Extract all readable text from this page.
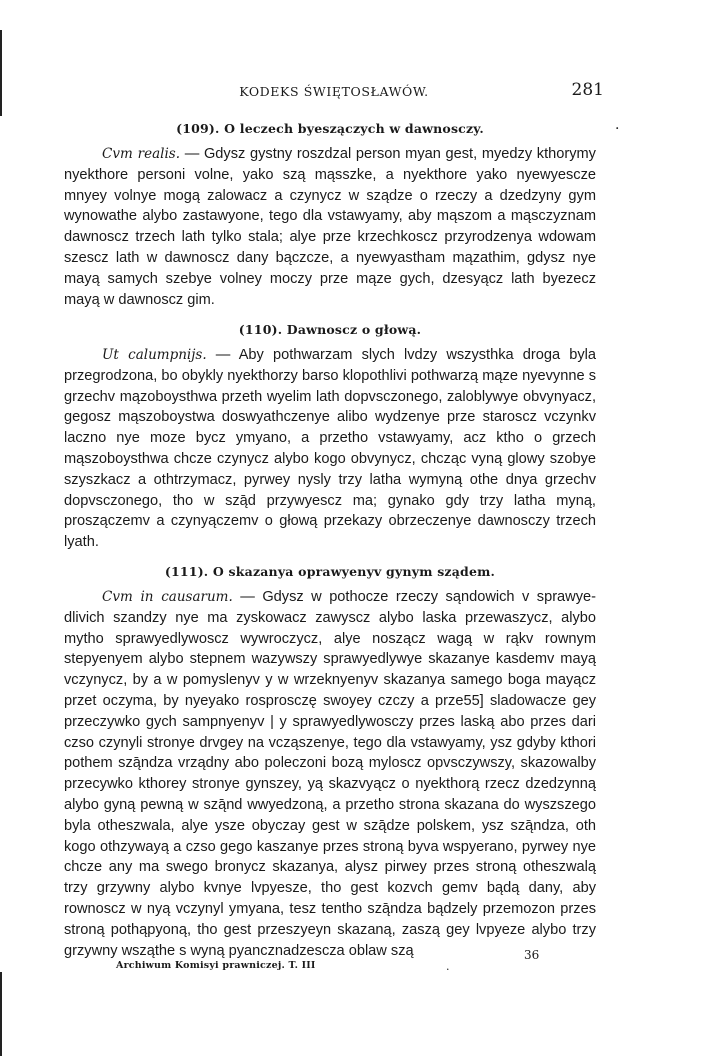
KODEKS ŚWIĘTOSŁAWÓW.	281
·
(109). O leczech byeszączych w dawnosczy.

Cvm realis. — Gdysz gystny roszdzal person myan gest, myedzy kthorymy nyekthore personi volne, yako szą mąsszke, a nyekthore yako nyewyescze mnyey volnye mogą zalowacz a czynycz w sządze o rzeczy a dzedzyny gym wynowathe alybo zastawyone, tego dla vstawyamy, aby mąszom a mąsczyznam dawnoscz trzech lath tylko stala; alye prze krzechkoscz przyrodzenya wdowam szescz lath w dawnoscz dany bączcze, a nyewyastham mązathim, gdysz nye mayą samych szebye volney moczy prze mąze gych, dzesyącz lath byezecz mayą w dawnoscz gim.

(110). Dawnoscz o głową.

Ut calumpnijs. — Aby pothwarzam slych lvdzy wszysthka droga byla przegrodzona, bo obykly nyekthorzy barso klopothlivi pothwarzą mąze nyevynne s grzechv mązoboysthwa przeth wyelim lath dopvsczonego, zaloblywye obvynyacz, gegosz mąszoboystwa doswyathczenye alibo wydzenye prze staroscz vczynkv laczno nye moze bycz ymyano, a przetho vstawyamy, acz ktho o grzech mąszoboysthwa chcze czynycz alybo kogo obvynycz, chcząc vyną glowy szobye szyszkacz a othtrzymacz, pyrwey nysly trzy latha wymyną othe dnya grzechv dopvsczonego, tho w szą̄d przywyescz ma; gynako gdy trzy latha myną, proszączemv a czynyączemv o głową przekazy obrzeczenye dawnosczy trzech lyath.

(111). O skazanya oprawyenyv gynym sządem.

Cvm in causarum. — Gdysz w pothocze rzeczy sąndowich v sprawyedlivich szandzy nye ma zyskowacz zawyscz alybo laska przewaszycz, alybo mytho sprawyedlywoscz wywroczycz, alye noszącz wagą w rąkv rownym stepyenyem alybo stepnem wazywszy sprawyedlywye skazanye kasdemv mayą vczynycz, by a w pomyslenyv y w wrzeknyenyv skazanya samego boga mayącz przet oczyma, by nyeyako rosprosczę swoyey czczy a prze55] sladowacze gey przeczywko gych sampnyenyv | y sprawyedlywosczy przes laską abo przes dari czso czynyli stronye drvgey na vcząszenye, tego dla vstawyamy, ysz gdyby kthori pothem szą̄ndza vrządny abo poleczoni bozą myloscz opvsczywszy, skazowalby przecywko kthorey stronye gynszey, yą skazvyącz o nyekthorą rzecz dzedzynną alybo gyną pewną w szą̄nd wwyedzoną, a przetho strona skazana do wyszszego byla otheszwala, alye ysze obyczay gest w szą̄dze polskem, ysz szą̄ndza, oth kogo othzywayą a czso gego kaszanye przes stroną byva wspyerano, pyrwey nye chcze any ma swego bronycz skazanya, alysz pirwey przes stroną otheszwalą trzy grzywny alybo kvnye lvpyesze, tho gest kozvch gemv bądą dany, aby rownoscz w nyą vczynyl ymyana, tesz tentho szą̄ndza bądzely przemozon przes stroną pothąpyoną, tho gest przeszyeyn skazaną, zaszą gey lvpyeze alybo trzy grzywny wsząthe s wyną pyancznadzescza oblaw szą

Archiwum Komisyi prawniczej. T. III	.
36
